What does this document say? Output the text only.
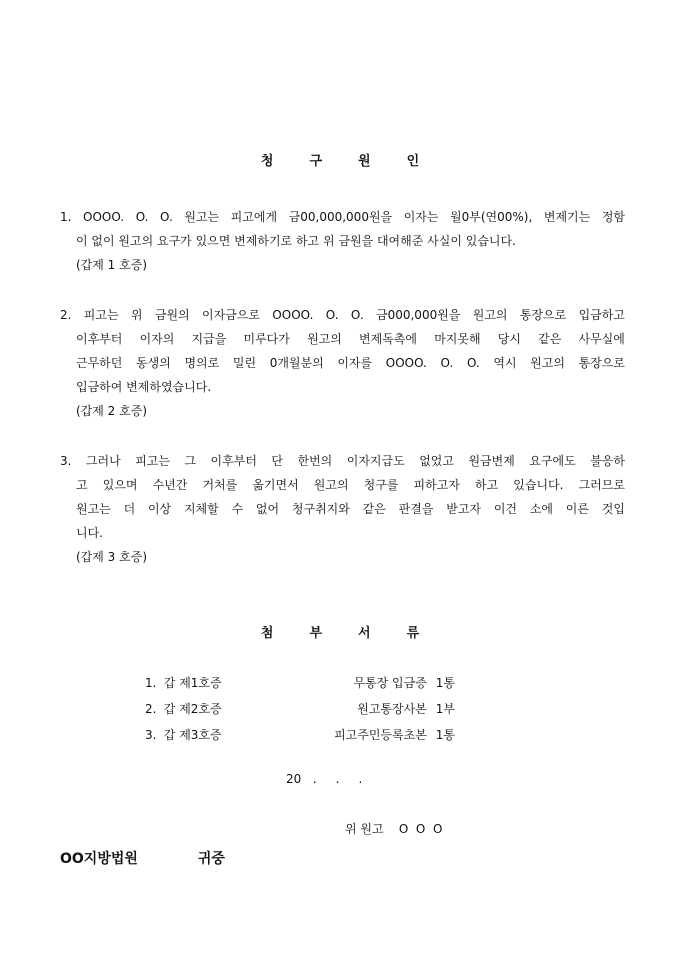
청	구	원	인
1. OOOO. O. O. 원고는 피고에게 금00,000,000원을 이자는 월0부(연00%), 변제기는 정함
이 없이 원고의 요구가 있으면 변제하기로 하고 위 금원을 대여해준 사실이 있습니다.
(갑제 1 호증)
2. 피고는 위 금원의 이자금으로 OOOO. O. O. 금000,000원을 원고의 통장으로 입금하고
이후부터 이자의 지급을 미루다가 원고의 변제독촉에 마지못해 당시 같은 사무실에
근무하던 동생의 명의로 밀린 0개월분의 이자를 OOOO. O. O. 역시 원고의 통장으로
입금하여 변제하였습니다.
(갑제 2 호증)
3. 그러나 피고는 그 이후부터 단 한번의 이자지급도 없었고 원금변제 요구에도 불응하
고 있으며 수년간 거처를 옮기면서 원고의 청구를 피하고자 하고 있습니다. 그러므로
원고는 더 이상 지체할 수 없어 청구취지와 같은 판결을 받고자 이건 소에 이른 것입
니다.
(갑제 3 호증)
첨	부	서	류
1. 갑 제1호증	무통장 입금증 1통
2. 갑 제2호증	원고통장사본 1부
3. 갑 제3호증	피고주민등록초본 1통
20   .     .     .
위 원고    O  O  O
OO지방법원	귀중
